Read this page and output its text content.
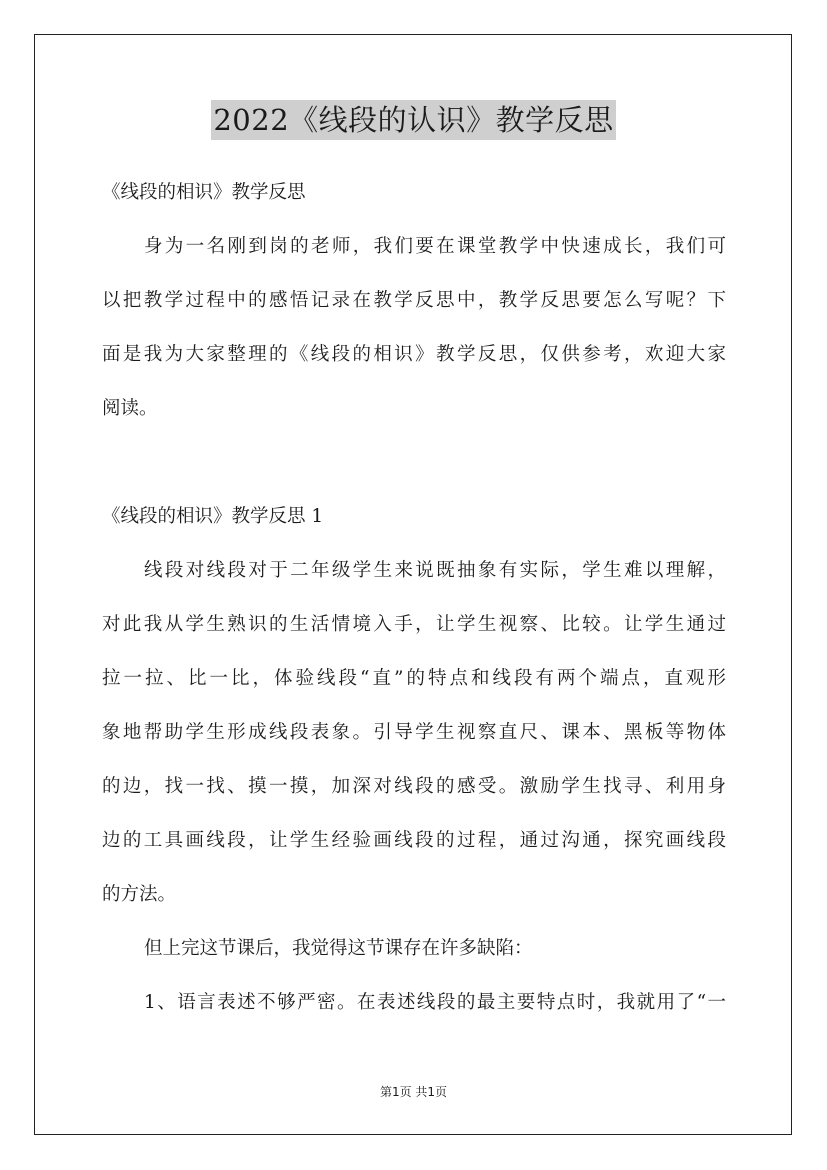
2022《线段的认识》教学反思
《线段的相识》教学反思
身为一名刚到岗的老师，我们要在课堂教学中快速成长，我们可
以把教学过程中的感悟记录在教学反思中，教学反思要怎么写呢？下
面是我为大家整理的《线段的相识》教学反思，仅供参考，欢迎大家
阅读。
《线段的相识》教学反思 1
线段对线段对于二年级学生来说既抽象有实际，学生难以理解，
对此我从学生熟识的生活情境入手，让学生视察、比较。让学生通过
拉一拉、比一比，体验线段“直”的特点和线段有两个端点，直观形
象地帮助学生形成线段表象。引导学生视察直尺、课本、黑板等物体
的边，找一找、摸一摸，加深对线段的感受。激励学生找寻、利用身
边的工具画线段，让学生经验画线段的过程，通过沟通，探究画线段
的方法。
但上完这节课后，我觉得这节课存在许多缺陷：
1、语言表述不够严密。在表述线段的最主要特点时，我就用了“一
第1页 共1页
